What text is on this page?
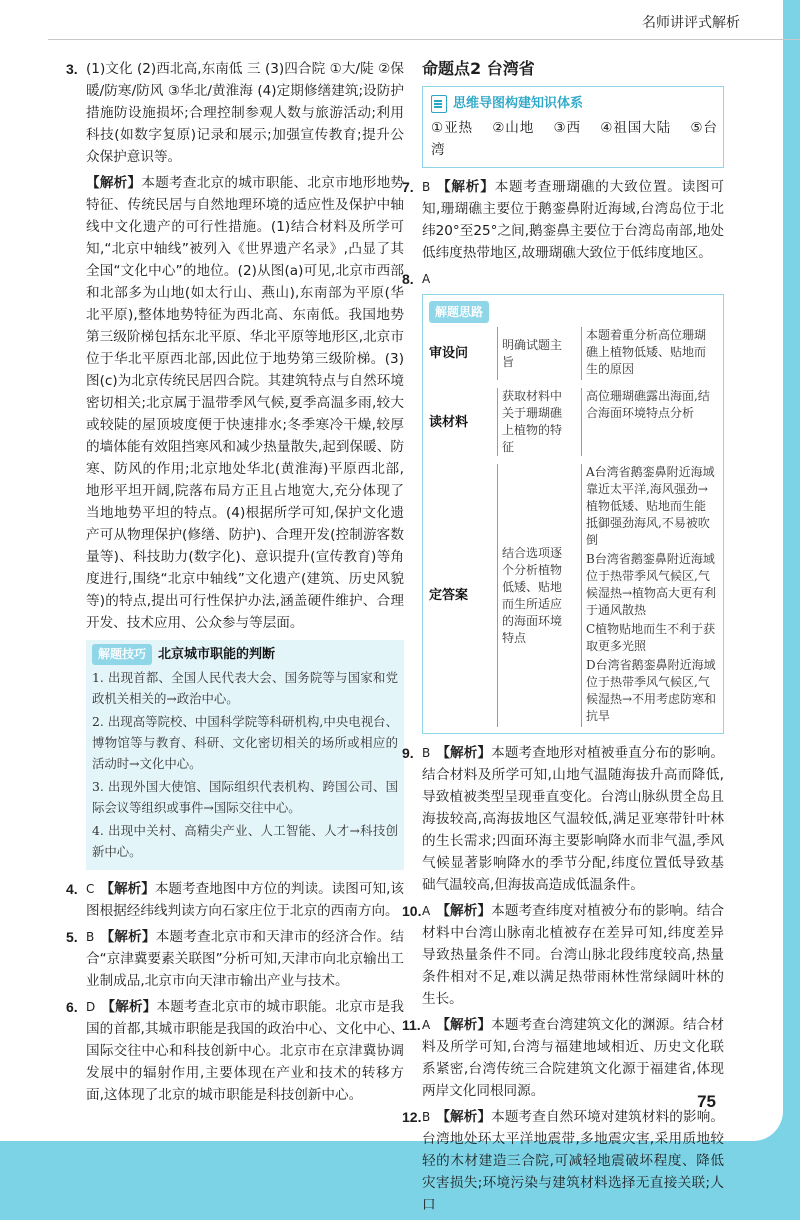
名师讲评式解析
3. (1)文化 (2)西北高,东南低 三 (3)四合院 ①大/陡 ②保暖/防寒/防风 ③华北/黄淮海 (4)定期修缮建筑;设防护措施防设施损坏;合理控制参观人数与旅游活动;利用科技(如数字复原)记录和展示;加强宣传教育;提升公众保护意识等。
【解析】本题考查北京的城市职能、北京市地形地势特征、传统民居与自然地理环境的适应性及保护中轴线中文化遗产的可行性措施。(1)结合材料及所学可知,“北京中轴线”被列入《世界遗产名录》,凸显了其全国“文化中心”的地位。(2)从图(a)可见,北京市西部和北部多为山地(如太行山、燕山),东南部为平原(华北平原),整体地势特征为西北高、东南低。我国地势第三级阶梯包括东北平原、华北平原等地形区,北京市位于华北平原西北部,因此位于地势第三级阶梯。(3)图(c)为北京传统民居四合院。其建筑特点与自然环境密切相关;北京属于温带季风气候,夏季高温多雨,较大或较陡的屋顶坡度便于快速排水;冬季寒冷干燥,较厚的墙体能有效阻挡寒风和减少热量散失,起到保暖、防寒、防风的作用;北京地处华北(黄淮海)平原西北部,地形平坦开阔,院落布局方正且占地宽大,充分体现了当地地势平坦的特点。(4)根据所学可知,保护文化遗产可从物理保护(修缮、防护)、合理开发(控制游客数量等)、科技助力(数字化)、意识提升(宣传教育)等角度进行,围绕“北京中轴线”文化遗产(建筑、历史风貌等)的特点,提出可行性保护办法,涵盖硬件维护、合理开发、技术应用、公众参与等层面。
解题技巧 北京城市职能的判断

1. 出现首都、全国人民代表大会、国务院等与国家和党政机关相关的→政治中心。

2. 出现高等院校、中国科学院等科研机构,中央电视台、博物馆等与教育、科研、文化密切相关的场所或相应的活动时→文化中心。

3. 出现外国大使馆、国际组织代表机构、跨国公司、国际会议等组织或事件→国际交往中心。

4. 出现中关村、高精尖产业、人工智能、人才→科技创新中心。

4. C 【解析】本题考查地图中方位的判读。读图可知,该图根据经纬线判读方向石家庄位于北京的西南方向。
5. B 【解析】本题考查北京市和天津市的经济合作。结合“京津冀要素关联图”分析可知,天津市向北京输出工业制成品,北京市向天津市输出产业与技术。
6. D 【解析】本题考查北京市的城市职能。北京市是我国的首都,其城市职能是我国的政治中心、文化中心、国际交往中心和科技创新中心。北京市在京津冀协调发展中的辐射作用,主要体现在产业和技术的转移方面,这体现了北京的城市职能是科技创新中心。
命题点2 台湾省
思维导图构建知识体系
①亚热 ②山地 ③西 ④祖国大陆 ⑤台湾
7. B 【解析】本题考查珊瑚礁的大致位置。读图可知,珊瑚礁主要位于鹅銮鼻附近海域,台湾岛位于北纬20°至25°之间,鹅銮鼻主要位于台湾岛南部,地处低纬度热带地区,故珊瑚礁大致位于低纬度地区。
8. A
解题思路
审设问
明确试题主旨

本题着重分析高位珊瑚礁上植物低矮、贴地而生的原因

读材料
获取材料中关于珊瑚礁上植物的特征

高位珊瑚礁露出海面,结合海面环境特点分析

定答案
结合选项逐个分析植物低矮、贴地而生所适应的海面环境特点

A台湾省鹅銮鼻附近海域靠近太平洋,海风强劲→植物低矮、贴地而生能抵御强劲海风,不易被吹倒

B台湾省鹅銮鼻附近海域位于热带季风气候区,气候湿热→植物高大更有利于通风散热

C植物贴地而生不利于获取更多光照

D台湾省鹅銮鼻附近海域位于热带季风气候区,气候湿热→不用考虑防寒和抗旱

9. B 【解析】本题考查地形对植被垂直分布的影响。结合材料及所学可知,山地气温随海拔升高而降低,导致植被类型呈现垂直变化。台湾山脉纵贯全岛且海拔较高,高海拔地区气温较低,满足亚寒带针叶林的生长需求;四面环海主要影响降水而非气温,季风气候显著影响降水的季节分配,纬度位置低导致基础气温较高,但海拔高造成低温条件。
10. A 【解析】本题考查纬度对植被分布的影响。结合材料中台湾山脉南北植被存在差异可知,纬度差异导致热量条件不同。台湾山脉北段纬度较高,热量条件相对不足,难以满足热带雨林性常绿阔叶林的生长。
11. A 【解析】本题考查台湾建筑文化的渊源。结合材料及所学可知,台湾与福建地域相近、历史文化联系紧密,台湾传统三合院建筑文化源于福建省,体现两岸文化同根同源。
12. B 【解析】本题考查自然环境对建筑材料的影响。台湾地处环太平洋地震带,多地震灾害,采用质地较轻的木材建造三合院,可减轻地震破坏程度、降低灾害损失;环境污染与建筑材料选择无直接关联;人口
75
